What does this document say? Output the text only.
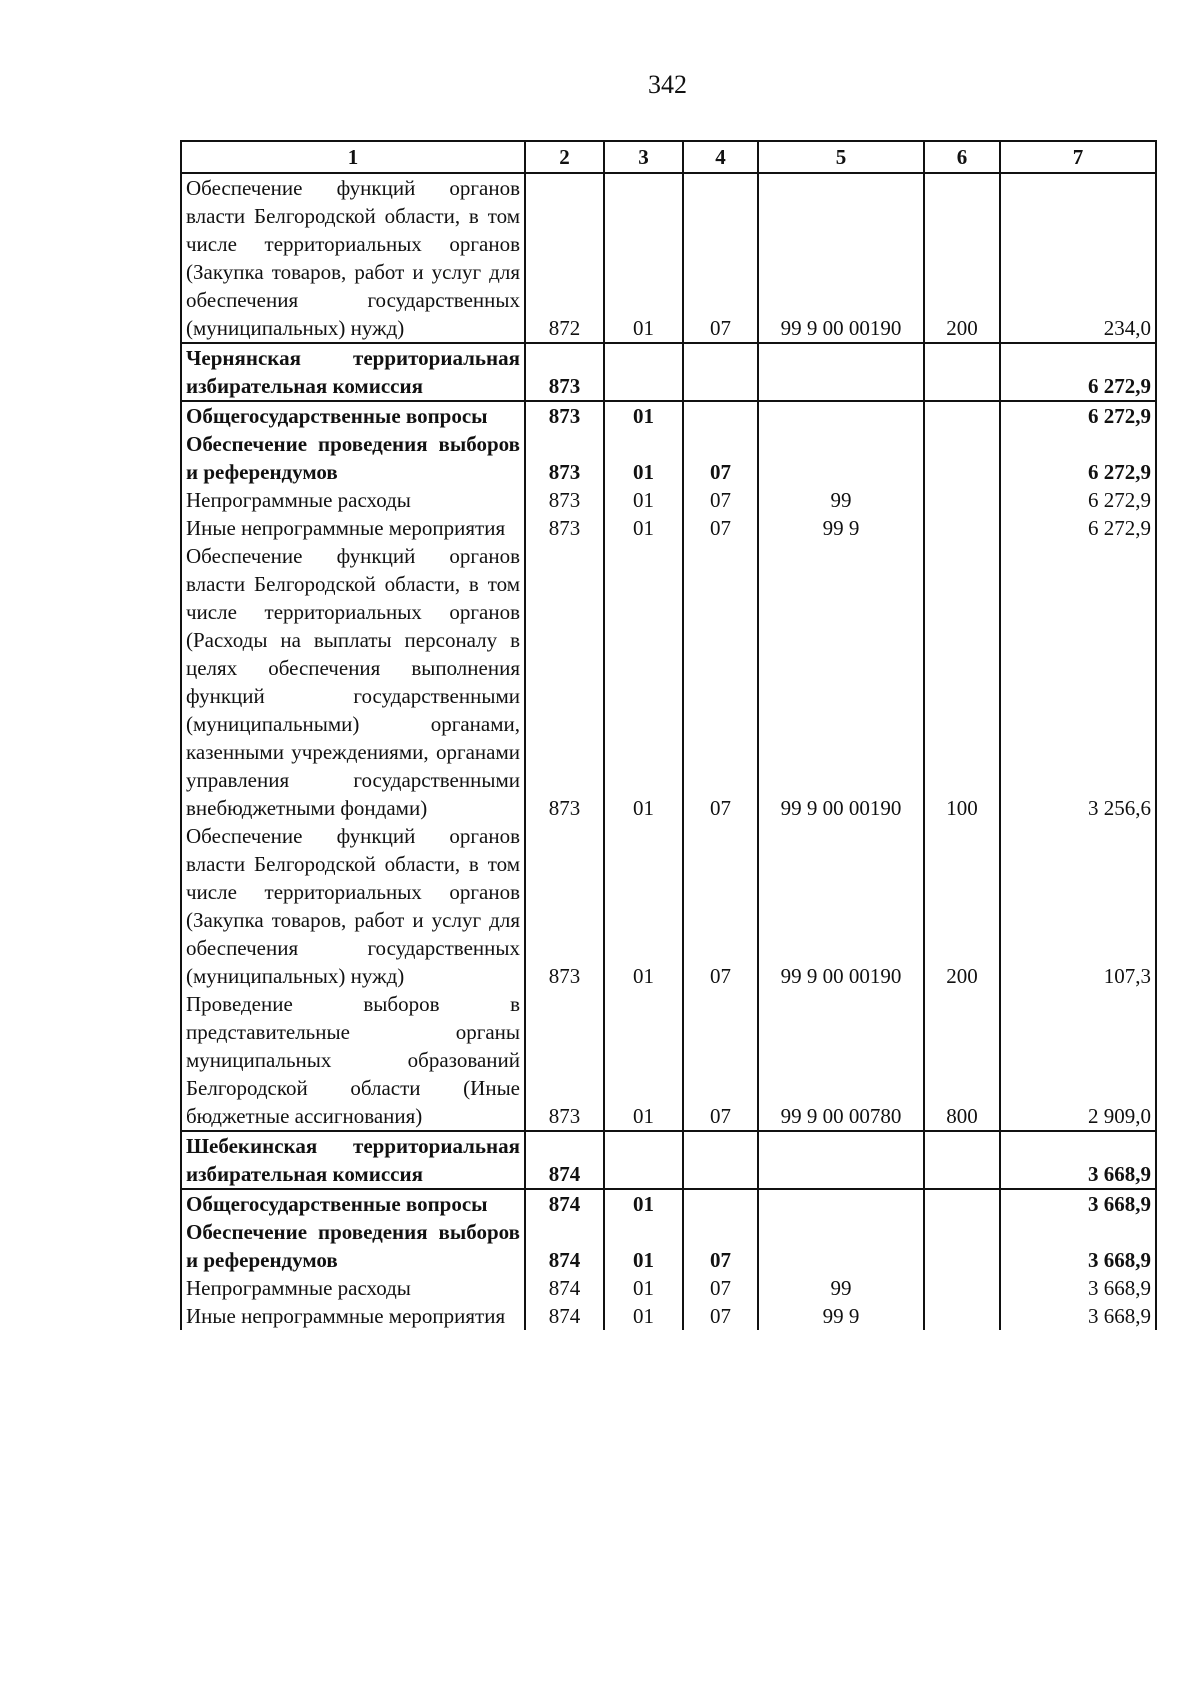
342
1	2	3	4	5	6	7
Обеспечение функций органов власти Белгородской области, в том числе территориальных органов (Закупка товаров, работ и услуг для обеспечения государственных (муниципальных) нужд)	872	01	07	99 9 00 00190	200	234,0
Чернянская территориальная избирательная комиссия	873					6 272,9
Общегосударственные вопросы	873	01				6 272,9
Обеспечение проведения выборов и референдумов	873	01	07			6 272,9
Непрограммные расходы	873	01	07	99		6 272,9
Иные непрограммные мероприятия	873	01	07	99 9		6 272,9
Обеспечение функций органов власти Белгородской области, в том числе территориальных органов (Расходы на выплаты персоналу в целях обеспечения выполнения функций государственными (муниципальными) органами, казенными учреждениями, органами управления государственными внебюджетными фондами)	873	01	07	99 9 00 00190	100	3 256,6
Обеспечение функций органов власти Белгородской области, в том числе территориальных органов (Закупка товаров, работ и услуг для обеспечения государственных (муниципальных) нужд)	873	01	07	99 9 00 00190	200	107,3
Проведение выборов в представительные органы муниципальных образований Белгородской области (Иные бюджетные ассигнования)	873	01	07	99 9 00 00780	800	2 909,0
Шебекинская территориальная избирательная комиссия	874					3 668,9
Общегосударственные вопросы	874	01				3 668,9
Обеспечение проведения выборов и референдумов	874	01	07			3 668,9
Непрограммные расходы	874	01	07	99		3 668,9
Иные непрограммные мероприятия	874	01	07	99 9		3 668,9
